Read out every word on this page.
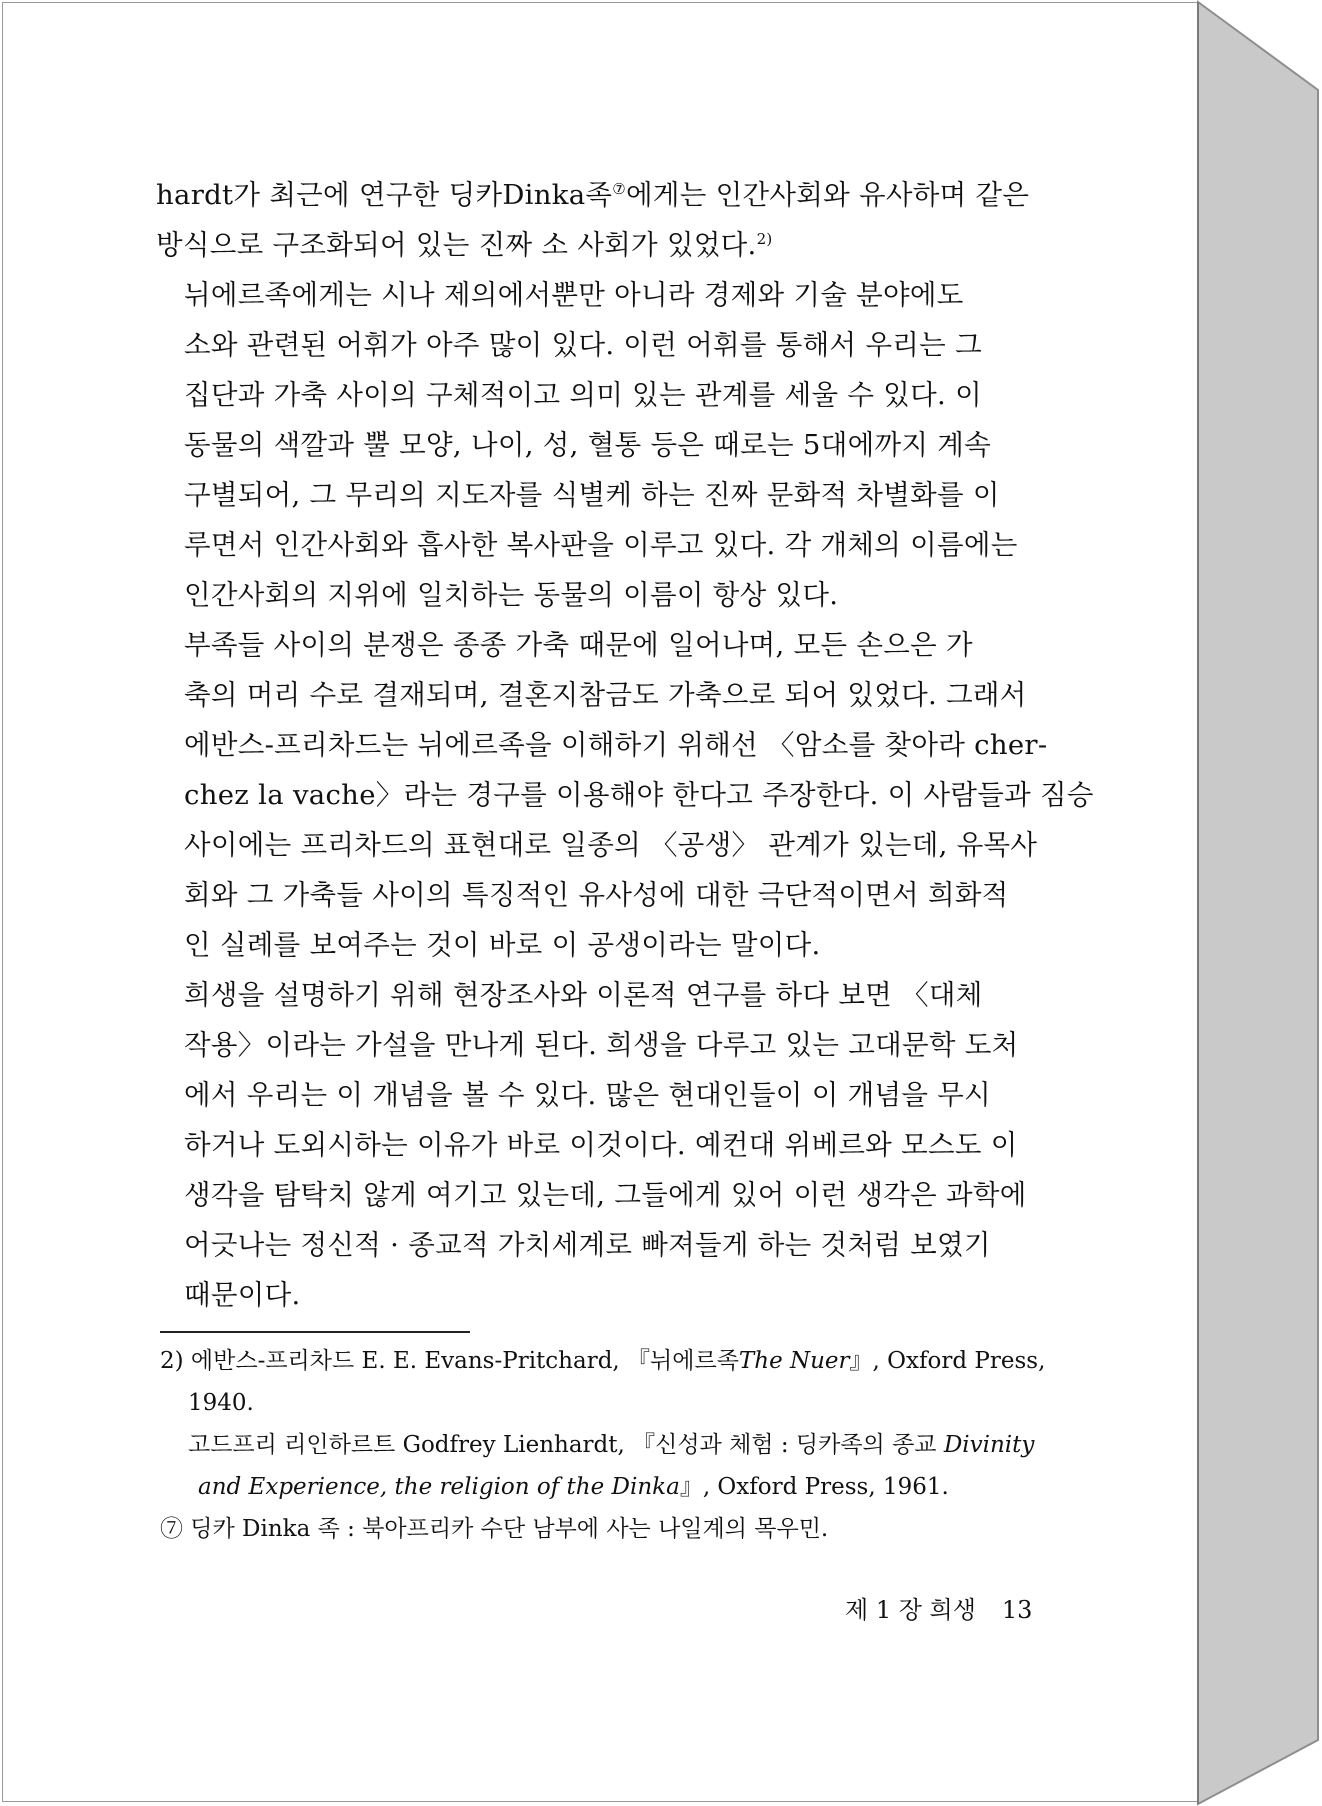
hardt가 최근에 연구한 딩카Dinka족⑦에게는 인간사회와 유사하며 같은
방식으로 구조화되어 있는 진짜 소 사회가 있었다.$^{2)}$

뉘에르족에게는 시나 제의에서뿐만 아니라 경제와 기술 분야에도
소와 관련된 어휘가 아주 많이 있다. 이런 어휘를 통해서 우리는 그
집단과 가축 사이의 구체적이고 의미 있는 관계를 세울 수 있다. 이
동물의 색깔과 뿔 모양, 나이, 성, 혈통 등은 때로는 5대에까지 계속
구별되어, 그 무리의 지도자를 식별케 하는 진짜 문화적 차별화를 이
루면서 인간사회와 흡사한 복사판을 이루고 있다. 각 개체의 이름에는
인간사회의 지위에 일치하는 동물의 이름이 항상 있다.

부족들 사이의 분쟁은 종종 가축 때문에 일어나며, 모든 손으은 가
축의 머리 수로 결재되며, 결혼지참금도 가축으로 되어 있었다. 그래서
에반스-프리차드는 뉘에르족을 이해하기 위해선 〈암소를 찾아라 cher-
chez la vache〉라는 경구를 이용해야 한다고 주장한다. 이 사람들과 짐승
사이에는 프리차드의 표현대로 일종의 〈공생〉 관계가 있는데, 유목사
회와 그 가축들 사이의 특징적인 유사성에 대한 극단적이면서 희화적
인 실례를 보여주는 것이 바로 이 공생이라는 말이다.

희생을 설명하기 위해 현장조사와 이론적 연구를 하다 보면 〈대체
작용〉이라는 가설을 만나게 된다. 희생을 다루고 있는 고대문학 도처
에서 우리는 이 개념을 볼 수 있다. 많은 현대인들이 이 개념을 무시
하거나 도외시하는 이유가 바로 이것이다. 예컨대 위베르와 모스도 이
생각을 탐탁치 않게 여기고 있는데, 그들에게 있어 이런 생각은 과학에
어긋나는 정신적 · 종교적 가치세계로 빠져들게 하는 것처럼 보였기
때문이다.

2) 에반스-프리차드 E. E. Evans-Pritchard, 『뉘에르족The Nuer』, Oxford Press,
1940.
고드프리 리인하르트 Godfrey Lienhardt, 『신성과 체험 : 딩카족의 종교 Divinity
and Experience, the religion of the Dinka』, Oxford Press, 1961.
⑦ 딩카 Dinka 족 : 북아프리카 수단 남부에 사는 나일계의 목우민.
제 1 장 희생 13
